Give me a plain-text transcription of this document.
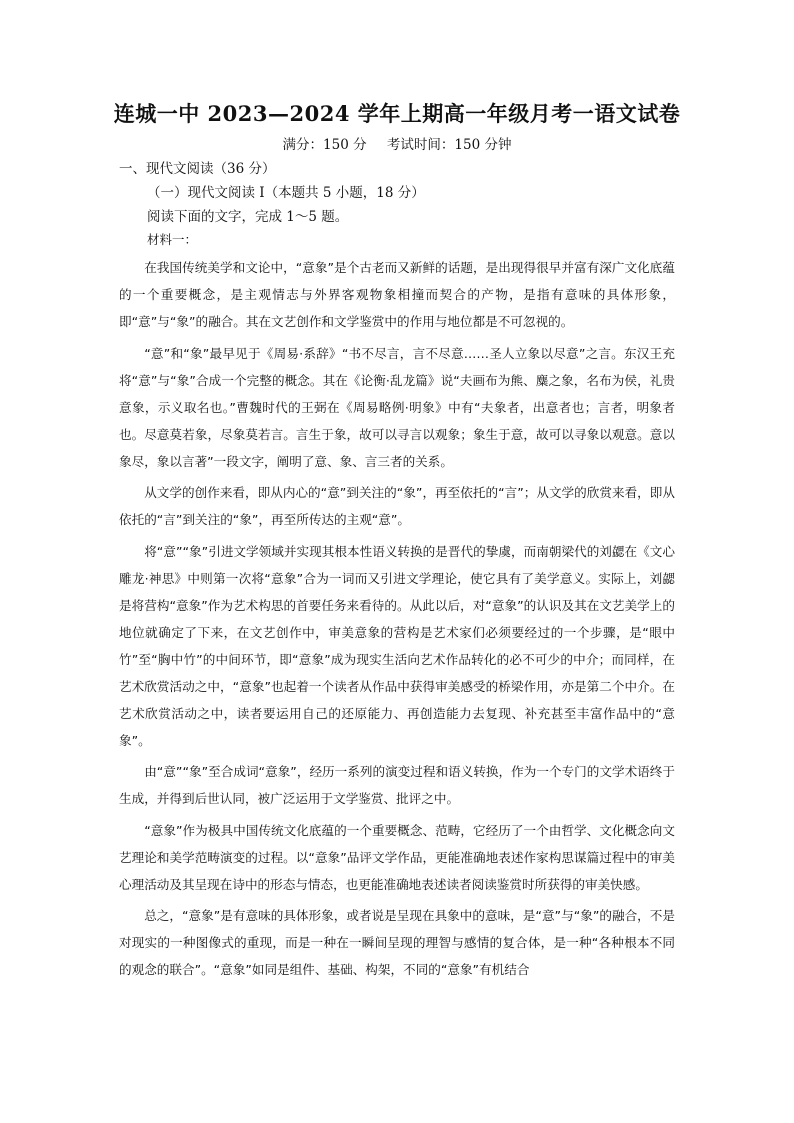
连城一中 2023—2024 学年上期高一年级月考一语文试卷
满分：150 分 考试时间：150 分钟
一、现代文阅读（36 分）
（一）现代文阅读 I（本题共 5 小题，18 分）
阅读下面的文字，完成 1～5 题。
材料一：

在我国传统美学和文论中，“意象”是个古老而又新鲜的话题，是出现得很早并富有深广文化底蕴的一个重要概念，是主观情志与外界客观物象相撞而契合的产物，是指有意味的具体形象，即“意”与“象”的融合。其在文艺创作和文学鉴赏中的作用与地位都是不可忽视的。

“意”和“象”最早见于《周易·系辞》“书不尽言，言不尽意……圣人立象以尽意”之言。东汉王充将“意”与“象”合成一个完整的概念。其在《论衡·乱龙篇》说“夫画布为熊、麋之象，名布为侯，礼贵意象，示义取名也。”曹魏时代的王弼在《周易略例·明象》中有“夫象者，出意者也；言者，明象者也。尽意莫若象，尽象莫若言。言生于象，故可以寻言以观象；象生于意，故可以寻象以观意。意以象尽，象以言著”一段文字，阐明了意、象、言三者的关系。

从文学的创作来看，即从内心的“意”到关注的“象”，再至依托的“言”；从文学的欣赏来看，即从依托的“言”到关注的“象”，再至所传达的主观“意”。

将“意”“象”引进文学领域并实现其根本性语义转换的是晋代的挚虞，而南朝梁代的刘勰在《文心雕龙·神思》中则第一次将“意象”合为一词而又引进文学理论，使它具有了美学意义。实际上，刘勰是将营构“意象”作为艺术构思的首要任务来看待的。从此以后，对“意象”的认识及其在文艺美学上的地位就确定了下来，在文艺创作中，审美意象的营构是艺术家们必须要经过的一个步骤，是“眼中竹”至“胸中竹”的中间环节，即“意象”成为现实生活向艺术作品转化的必不可少的中介；而同样，在艺术欣赏活动之中，“意象”也起着一个读者从作品中获得审美感受的桥梁作用，亦是第二个中介。在艺术欣赏活动之中，读者要运用自己的还原能力、再创造能力去复现、补充甚至丰富作品中的“意象”。

由“意”“象”至合成词“意象”，经历一系列的演变过程和语义转换，作为一个专门的文学术语终于生成，并得到后世认同，被广泛运用于文学鉴赏、批评之中。

“意象”作为极具中国传统文化底蕴的一个重要概念、范畴，它经历了一个由哲学、文化概念向文艺理论和美学范畴演变的过程。以“意象”品评文学作品，更能准确地表述作家构思谋篇过程中的审美心理活动及其呈现在诗中的形态与情态，也更能准确地表述读者阅读鉴赏时所获得的审美快感。

总之，“意象”是有意味的具体形象，或者说是呈现在具象中的意味，是“意”与“象”的融合，不是对现实的一种图像式的重现，而是一种在一瞬间呈现的理智与感情的复合体，是一种“各种根本不同的观念的联合”。“意象”如同是组件、基础、构架，不同的“意象”有机结合
